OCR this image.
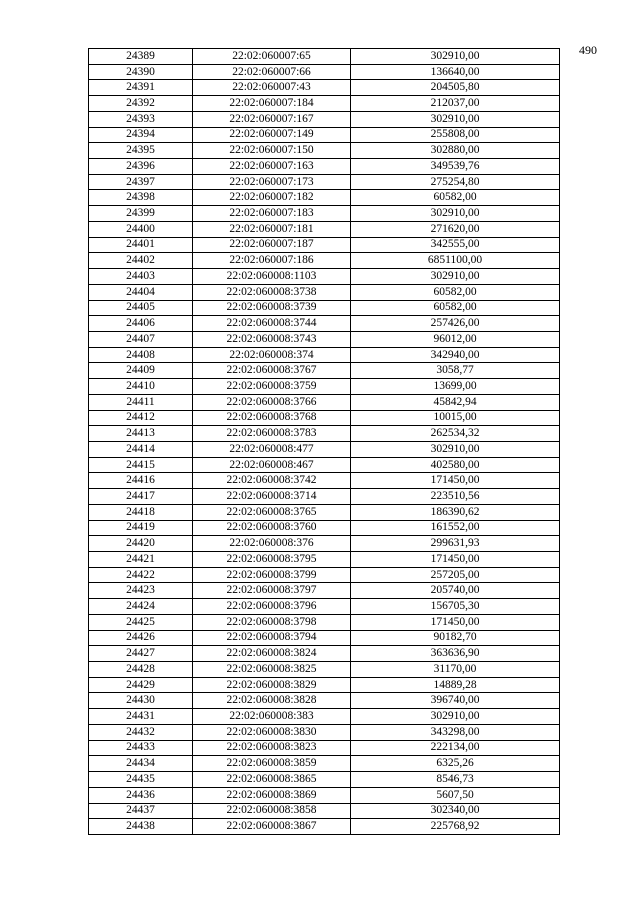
490
24389	22:02:060007:65	302910,00
24390	22:02:060007:66	136640,00
24391	22:02:060007:43	204505,80
24392	22:02:060007:184	212037,00
24393	22:02:060007:167	302910,00
24394	22:02:060007:149	255808,00
24395	22:02:060007:150	302880,00
24396	22:02:060007:163	349539,76
24397	22:02:060007:173	275254,80
24398	22:02:060007:182	60582,00
24399	22:02:060007:183	302910,00
24400	22:02:060007:181	271620,00
24401	22:02:060007:187	342555,00
24402	22:02:060007:186	6851100,00
24403	22:02:060008:1103	302910,00
24404	22:02:060008:3738	60582,00
24405	22:02:060008:3739	60582,00
24406	22:02:060008:3744	257426,00
24407	22:02:060008:3743	96012,00
24408	22:02:060008:374	342940,00
24409	22:02:060008:3767	3058,77
24410	22:02:060008:3759	13699,00
24411	22:02:060008:3766	45842,94
24412	22:02:060008:3768	10015,00
24413	22:02:060008:3783	262534,32
24414	22:02:060008:477	302910,00
24415	22:02:060008:467	402580,00
24416	22:02:060008:3742	171450,00
24417	22:02:060008:3714	223510,56
24418	22:02:060008:3765	186390,62
24419	22:02:060008:3760	161552,00
24420	22:02:060008:376	299631,93
24421	22:02:060008:3795	171450,00
24422	22:02:060008:3799	257205,00
24423	22:02:060008:3797	205740,00
24424	22:02:060008:3796	156705,30
24425	22:02:060008:3798	171450,00
24426	22:02:060008:3794	90182,70
24427	22:02:060008:3824	363636,90
24428	22:02:060008:3825	31170,00
24429	22:02:060008:3829	14889,28
24430	22:02:060008:3828	396740,00
24431	22:02:060008:383	302910,00
24432	22:02:060008:3830	343298,00
24433	22:02:060008:3823	222134,00
24434	22:02:060008:3859	6325,26
24435	22:02:060008:3865	8546,73
24436	22:02:060008:3869	5607,50
24437	22:02:060008:3858	302340,00
24438	22:02:060008:3867	225768,92
